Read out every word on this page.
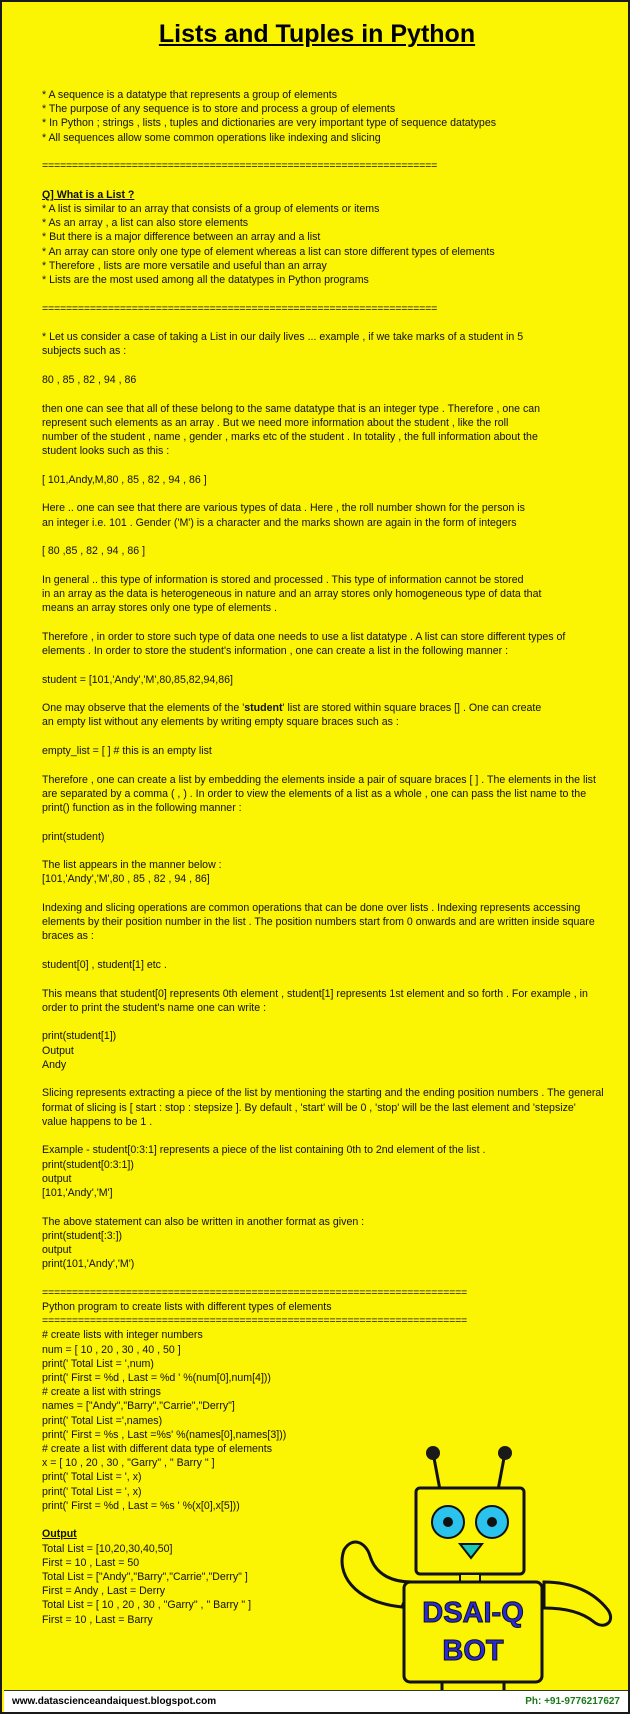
Lists and Tuples in Python
* A sequence is a datatype that represents a group of elements
* The purpose of any sequence is to store and process a group of elements
* In Python ; strings , lists , tuples and dictionaries are very important type of sequence datatypes
* All sequences allow some common operations like indexing and slicing
==================================================================
Q] What is a List ?
* A list is similar to an array that consists of a group of elements or items
* As an array , a list can also store elements
* But there is a major difference between an array and a list
* An array can store only one type of element whereas a list can store different types of elements
* Therefore , lists are more versatile and useful than an array
* Lists are the most used among all the datatypes in Python programs
==================================================================
* Let us consider a case of taking a List in our daily lives ... example , if we take marks of a student in 5
subjects such as :
80 , 85 , 82 , 94 , 86
then one can see that all of these belong to the same datatype that is an integer type . Therefore , one can
represent such elements as an array . But we need more information about the student , like the roll
number of the student , name , gender , marks etc of the student . In totality , the full information about the
student looks such as this :
[ 101,Andy,M,80 , 85 , 82 , 94 , 86 ]
Here .. one can see that there are various types of data . Here , the roll number shown for the person is
an integer i.e. 101 . Gender ('M') is a character and the marks shown are again in the form of integers
[ 80 ,85 , 82 , 94 , 86 ]
In general .. this type of information is stored and processed . This type of information cannot be stored
in an array as the data is heterogeneous in nature and an array stores only homogeneous type of data that
means an array stores only one type of elements .
Therefore , in order to store such type of data one needs to use a list datatype . A list can store different types of
elements . In order to store the student's information , one can create a list in the following manner :
student = [101,'Andy','M',80,85,82,94,86]
One may observe that the elements of the 'student' list are stored within square braces [] . One can create
an empty list without any elements by writing empty square braces such as :
empty_list = [ ] # this is an empty list
Therefore , one can create a list by embedding the elements inside a pair of square braces [ ] . The elements in the list
are separated by a comma ( , ) . In order to view the elements of a list as a whole , one can pass the list name to the
print() function as in the following manner :
print(student)
The list appears in the manner below :
[101,'Andy','M',80 , 85 , 82 , 94 , 86]
Indexing and slicing operations are common operations that can be done over lists . Indexing represents accessing
elements by their position number in the list . The position numbers start from 0 onwards and are written inside square
braces as :
student[0] , student[1] etc .
This means that student[0] represents 0th element , student[1] represents 1st element and so forth . For example , in
order to print the student's name one can write :
print(student[1])
Output
Andy
Slicing represents extracting a piece of the list by mentioning the starting and the ending position numbers . The general
format of slicing is [ start : stop : stepsize ]. By default , 'start' will be 0 , 'stop' will be the last element and 'stepsize'
value happens to be 1 .
Example - student[0:3:1] represents a piece of the list containing 0th to 2nd element of the list .
print(student[0:3:1])
output
[101,'Andy','M']
The above statement can also be written in another format as given :
print(student[:3:])
output
print(101,'Andy','M')
=======================================================================
Python program to create lists with different types of elements
=======================================================================
# create lists with integer numbers
num = [ 10 , 20 , 30 , 40 , 50 ]
print(' Total List = ',num)
print(' First = %d , Last = %d ' %(num[0],num[4]))
# create a list with strings
names = ["Andy","Barry","Carrie","Derry"]
print(' Total List =',names)
print(' First = %s , Last =%s' %(names[0],names[3]))
# create a list with different data type of elements
x = [ 10 , 20 , 30 , "Garry" , " Barry " ]
print(' Total List = ', x)
print(' Total List = ', x)
print(' First = %d , Last = %s ' %(x[0],x[5]))
Output
Total List = [10,20,30,40,50]
First = 10 , Last = 50
Total List = ["Andy","Barry","Carrie","Derry" ]
First = Andy , Last = Derry
Total List = [ 10 , 20 , 30 , "Garry" , " Barry " ]
First = 10 , Last = Barry	DSAI-Q
BOT
www.datascienceandaiquest.blogspot.com	Ph: +91-9776217627
